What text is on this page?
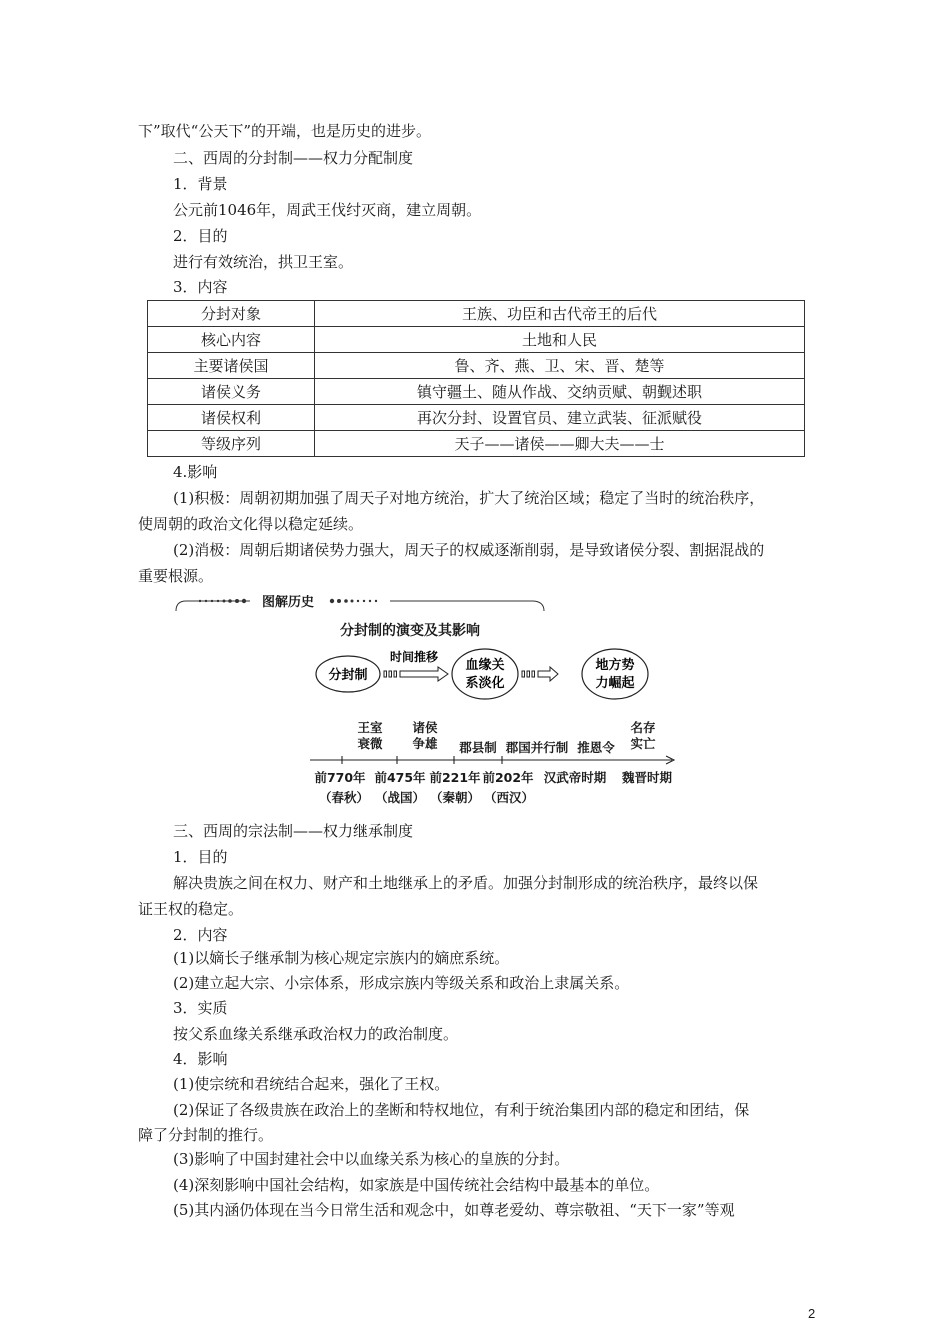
下”取代“公天下”的开端，也是历史的进步。
二、西周的分封制——权力分配制度
1．背景
公元前1046年，周武王伐纣灭商，建立周朝。
2．目的
进行有效统治，拱卫王室。
3．内容
分封对象	王族、功臣和古代帝王的后代
核心内容	土地和人民
主要诸侯国	鲁、齐、燕、卫、宋、晋、楚等
诸侯义务	镇守疆土、随从作战、交纳贡赋、朝觐述职
诸侯权利	再次分封、设置官员、建立武装、征派赋役
等级序列	天子——诸侯——卿大夫——士
4.影响
(1)积极：周朝初期加强了周天子对地方统治，扩大了统治区域；稳定了当时的统治秩序，
使周朝的政治文化得以稳定延续。
(2)消极：周朝后期诸侯势力强大，周天子的权威逐渐削弱，是导致诸侯分裂、割据混战的
重要根源。
图解历史
分封制的演变及其影响
分封制
时间推移
血缘关
系淡化
地方势
力崛起
王室
衰微
诸侯
争雄 郡县制 郡国并行制 推恩令
名存
实亡
前770年 前475年 前221年 前202年 汉武帝时期 魏晋时期
（春秋） （战国） （秦朝） （西汉）
三、西周的宗法制——权力继承制度
1．目的
解决贵族之间在权力、财产和土地继承上的矛盾。加强分封制形成的统治秩序，最终以保
证王权的稳定。
2．内容
(1)以嫡长子继承制为核心规定宗族内的嫡庶系统。
(2)建立起大宗、小宗体系，形成宗族内等级关系和政治上隶属关系。
3．实质
按父系血缘关系继承政治权力的政治制度。
4．影响
(1)使宗统和君统结合起来，强化了王权。
(2)保证了各级贵族在政治上的垄断和特权地位，有利于统治集团内部的稳定和团结，保
障了分封制的推行。
(3)影响了中国封建社会中以血缘关系为核心的皇族的分封。
(4)深刻影响中国社会结构，如家族是中国传统社会结构中最基本的单位。
(5)其内涵仍体现在当今日常生活和观念中，如尊老爱幼、尊宗敬祖、“天下一家”等观
2
